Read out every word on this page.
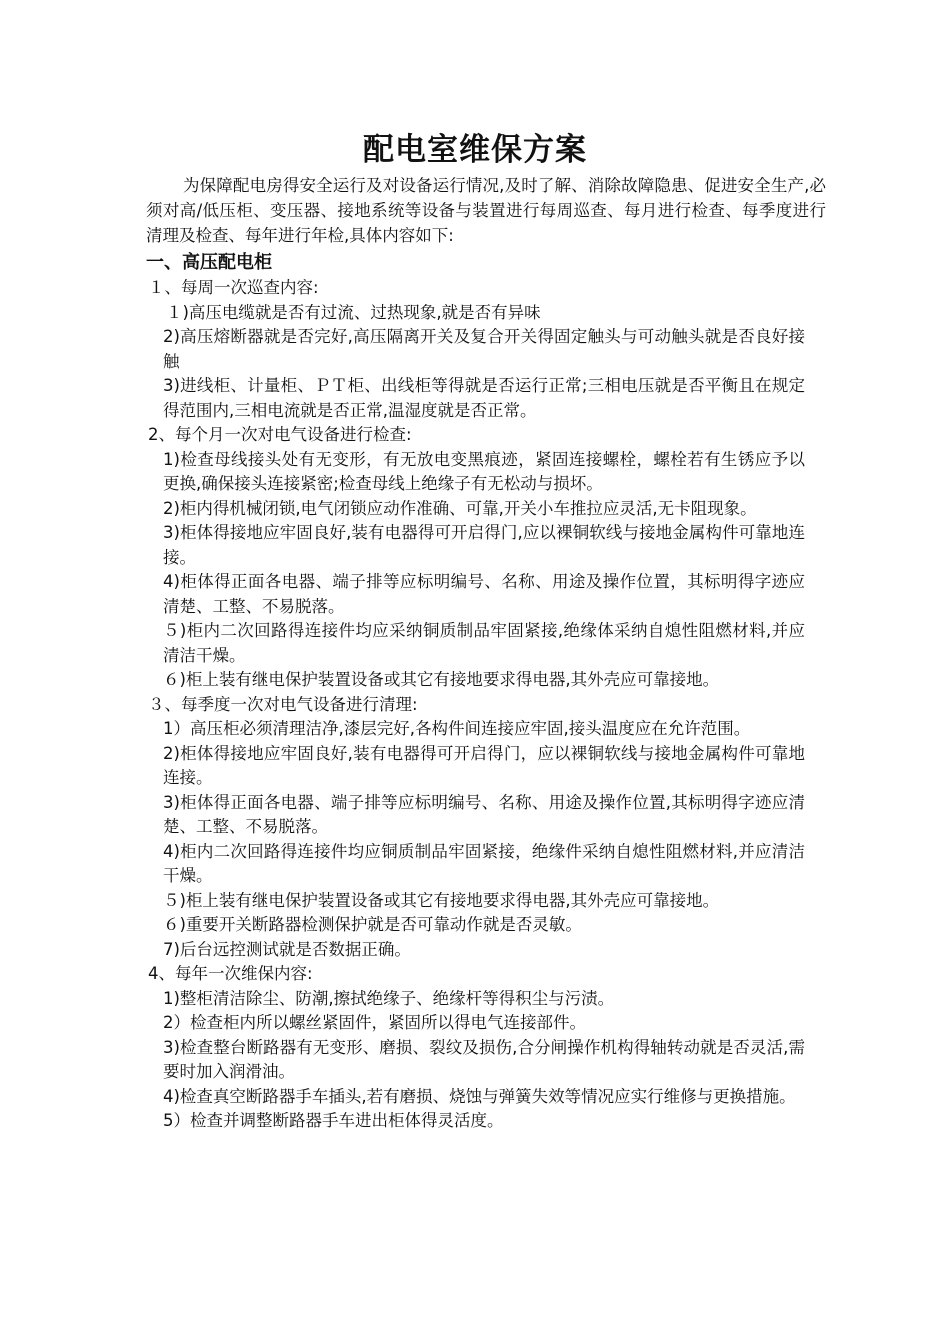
配电室维保方案

为保障配电房得安全运行及对设备运行情况,及时了解、消除故障隐患、促进安全生产,必须对高/低压柜、变压器、接地系统等设备与装置进行每周巡查、每月进行检查、每季度进行清理及检查、每年进行年检,具体内容如下:

一、高压配电柜

１、每周一次巡查内容:

１)高压电缆就是否有过流、过热现象,就是否有异味

2)高压熔断器就是否完好,高压隔离开关及复合开关得固定触头与可动触头就是否良好接触

3)进线柜、计量柜、ＰＴ柜、出线柜等得就是否运行正常;三相电压就是否平衡且在规定得范围内,三相电流就是否正常,温湿度就是否正常。

2、每个月一次对电气设备进行检查:

1)检查母线接头处有无变形，有无放电变黑痕迹，紧固连接螺栓，螺栓若有生锈应予以更换,确保接头连接紧密;检查母线上绝缘子有无松动与损坏。

2)柜内得机械闭锁,电气闭锁应动作准确、可靠,开关小车推拉应灵活,无卡阻现象。

3)柜体得接地应牢固良好,装有电器得可开启得门,应以裸铜软线与接地金属构件可靠地连接。

4)柜体得正面各电器、端子排等应标明编号、名称、用途及操作位置，其标明得字迹应清楚、工整、不易脱落。

５)柜内二次回路得连接件均应采纳铜质制品牢固紧接,绝缘体采纳自熄性阻燃材料,并应清洁干燥。

６)柜上装有继电保护装置设备或其它有接地要求得电器,其外壳应可靠接地。

３、每季度一次对电气设备进行清理:

1）高压柜必须清理洁净,漆层完好,各构件间连接应牢固,接头温度应在允许范围。

2)柜体得接地应牢固良好,装有电器得可开启得门，应以裸铜软线与接地金属构件可靠地连接。

3)柜体得正面各电器、端子排等应标明编号、名称、用途及操作位置,其标明得字迹应清楚、工整、不易脱落。

4)柜内二次回路得连接件均应铜质制品牢固紧接，绝缘件采纳自熄性阻燃材料,并应清洁干燥。

５)柜上装有继电保护装置设备或其它有接地要求得电器,其外壳应可靠接地。

６)重要开关断路器检测保护就是否可靠动作就是否灵敏。

7)后台远控测试就是否数据正确。

4、每年一次维保内容:

1)整柜清洁除尘、防潮,擦拭绝缘子、绝缘杆等得积尘与污渍。

2）检查柜内所以螺丝紧固件，紧固所以得电气连接部件。

3)检查整台断路器有无变形、磨损、裂纹及损伤,合分闸操作机构得轴转动就是否灵活,需要时加入润滑油。

4)检查真空断路器手车插头,若有磨损、烧蚀与弹簧失效等情况应实行维修与更换措施。

5）检查并调整断路器手车进出柜体得灵活度。
